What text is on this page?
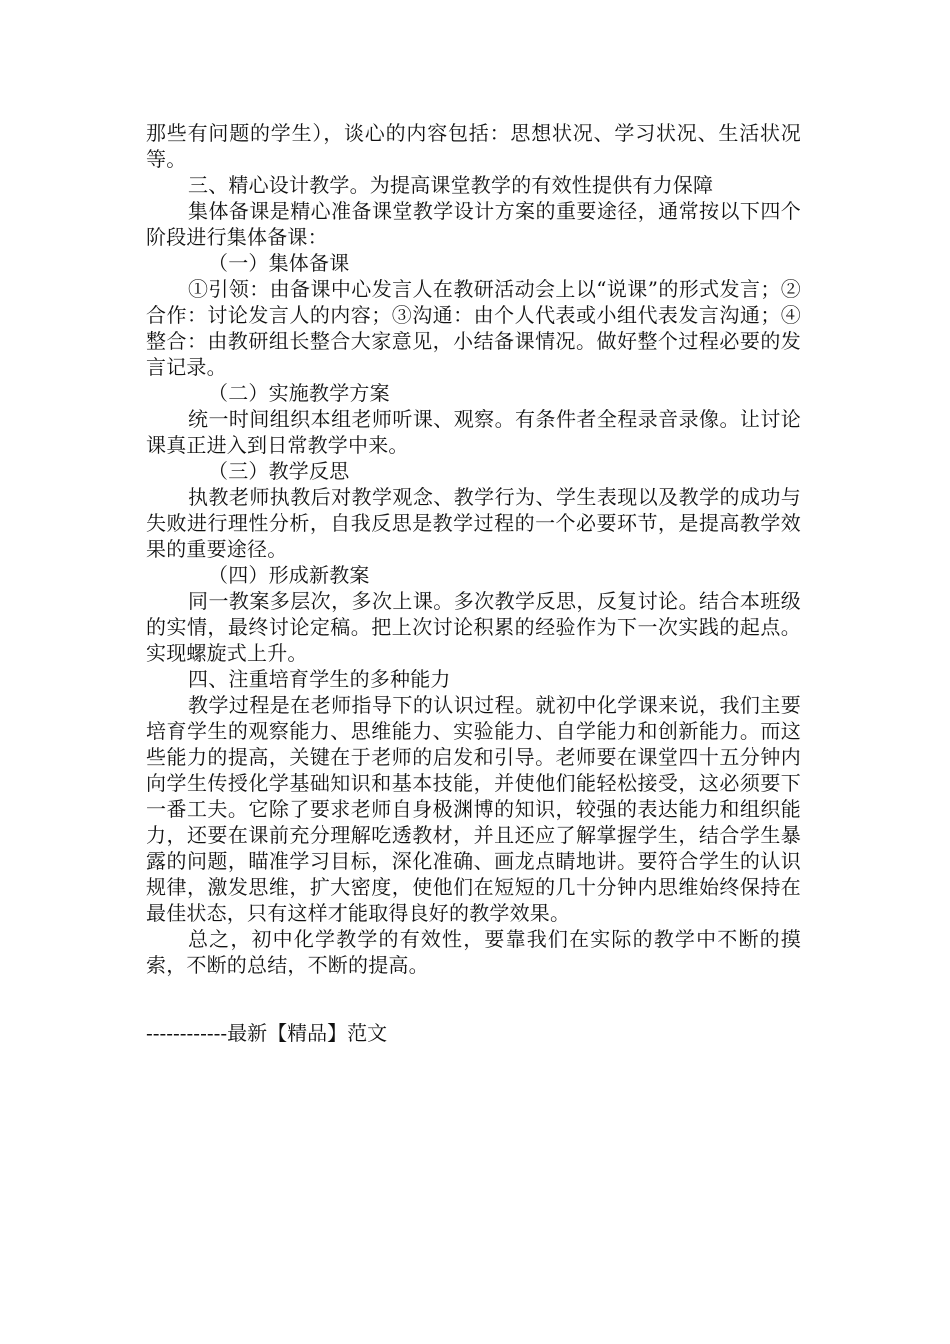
那些有问题的学生），谈心的内容包括：思想状况、学习状况、生活状况等。

三、精心设计教学。为提高课堂教学的有效性提供有力保障

集体备课是精心准备课堂教学设计方案的重要途径，通常按以下四个阶段进行集体备课：

（一）集体备课

①引领：由备课中心发言人在教研活动会上以“说课”的形式发言；②合作：讨论发言人的内容；③沟通：由个人代表或小组代表发言沟通；④整合：由教研组长整合大家意见，小结备课情况。做好整个过程必要的发言记录。

（二）实施教学方案

统一时间组织本组老师听课、观察。有条件者全程录音录像。让讨论课真正进入到日常教学中来。

（三）教学反思

执教老师执教后对教学观念、教学行为、学生表现以及教学的成功与失败进行理性分析，自我反思是教学过程的一个必要环节，是提高教学效果的重要途径。

（四）形成新教案

同一教案多层次，多次上课。多次教学反思，反复讨论。结合本班级的实情，最终讨论定稿。把上次讨论积累的经验作为下一次实践的起点。实现螺旋式上升。

四、注重培育学生的多种能力

教学过程是在老师指导下的认识过程。就初中化学课来说，我们主要培育学生的观察能力、思维能力、实验能力、自学能力和创新能力。而这些能力的提高，关键在于老师的启发和引导。老师要在课堂四十五分钟内向学生传授化学基础知识和基本技能，并使他们能轻松接受，这必须要下一番工夫。它除了要求老师自身极渊博的知识，较强的表达能力和组织能力，还要在课前充分理解吃透教材，并且还应了解掌握学生，结合学生暴露的问题，瞄准学习目标，深化准确、画龙点睛地讲。要符合学生的认识规律，激发思维，扩大密度，使他们在短短的几十分钟内思维始终保持在最佳状态，只有这样才能取得良好的教学效果。

总之，初中化学教学的有效性，要靠我们在实际的教学中不断的摸索，不断的总结，不断的提高。

------------最新【精品】范文
